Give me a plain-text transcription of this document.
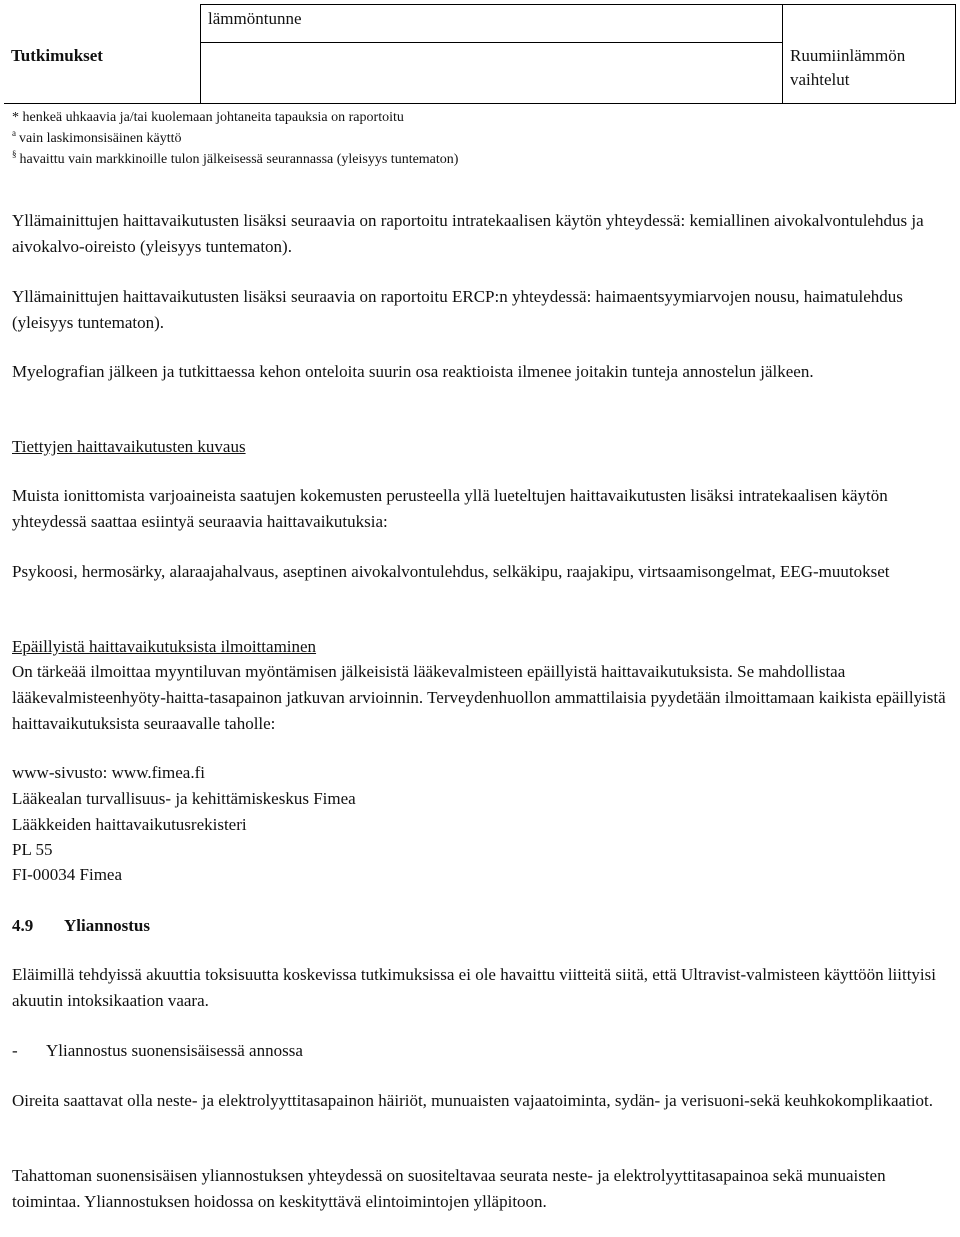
lämmöntunne
Tutkimukset	Ruumiinlämmön
vaihtelut
* henkeä uhkaavia ja/tai kuolemaan johtaneita tapauksia on raportoitu
$^a$ vain laskimonsisäinen käyttö
§ havaittu vain markkinoille tulon jälkeisessä seurannassa (yleisyys tuntematon)

Yllämainittujen haittavaikutusten lisäksi seuraavia on raportoitu intratekaalisen käytön yhteydessä: kemiallinen aivokalvontulehdus ja aivokalvo-oireisto (yleisyys tuntematon).

Yllämainittujen haittavaikutusten lisäksi seuraavia on raportoitu ERCP:n yhteydessä: haimaentsyymiarvojen nousu, haimatulehdus (yleisyys tuntematon).

Myelografian jälkeen ja tutkittaessa kehon onteloita suurin osa reaktioista ilmenee joitakin tunteja annostelun jälkeen.

Tiettyjen haittavaikutusten kuvaus

Muista ionittomista varjoaineista saatujen kokemusten perusteella yllä lueteltujen haittavaikutusten lisäksi intratekaalisen käytön yhteydessä saattaa esiintyä seuraavia haittavaikutuksia:

Psykoosi, hermosärky, alaraajahalvaus, aseptinen aivokalvontulehdus, selkäkipu, raajakipu, virtsaamisongelmat, EEG-muutokset

Epäillyistä haittavaikutuksista ilmoittaminen

On tärkeää ilmoittaa myyntiluvan myöntämisen jälkeisistä lääkevalmisteen epäillyistä haittavaikutuksista. Se mahdollistaa lääkevalmisteenhyöty-haitta-tasapainon jatkuvan arvioinnin. Terveydenhuollon ammattilaisia pyydetään ilmoittamaan kaikista epäillyistä haittavaikutuksista seuraavalle taholle:

www-sivusto: www.fimea.fi
Lääkealan turvallisuus- ja kehittämiskeskus Fimea
Lääkkeiden haittavaikutusrekisteri
PL 55
FI-00034 Fimea
4.9 Yliannostus

Eläimillä tehdyissä akuuttia toksisuutta koskevissa tutkimuksissa ei ole havaittu viitteitä siitä, että Ultravist-valmisteen käyttöön liittyisi akuutin intoksikaation vaara.

- Yliannostus suonensisäisessä annossa

Oireita saattavat olla neste- ja elektrolyyttitasapainon häiriöt, munuaisten vajaatoiminta, sydän- ja verisuoni-sekä keuhkokomplikaatiot.

Tahattoman suonensisäisen yliannostuksen yhteydessä on suositeltavaa seurata neste- ja elektrolyyttitasapainoa sekä munuaisten toimintaa. Yliannostuksen hoidossa on keskityttävä elintoimintojen ylläpitoon.
